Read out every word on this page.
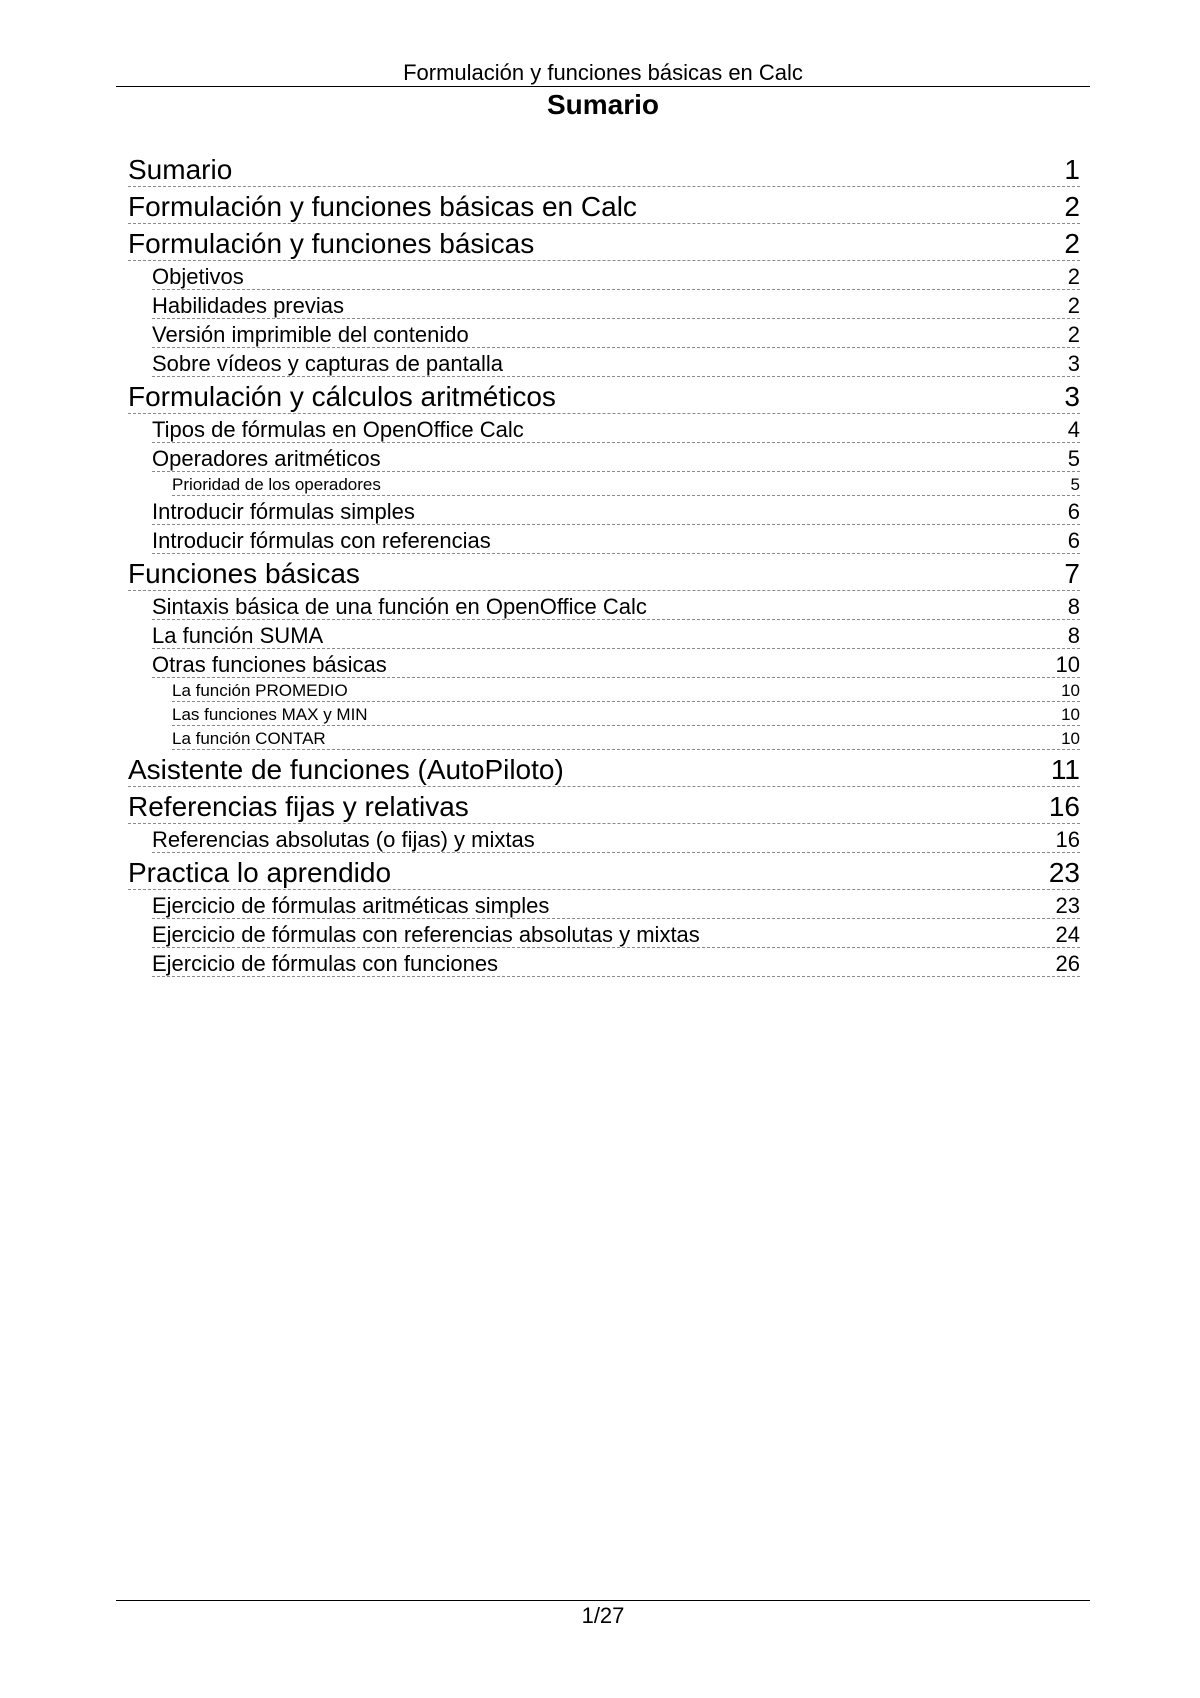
Formulación y funciones básicas en Calc
Sumario
Sumario	1
Formulación y funciones básicas en Calc	2
Formulación y funciones básicas	2
Objetivos	2
Habilidades previas	2
Versión imprimible del contenido	2
Sobre vídeos y capturas de pantalla	3
Formulación y cálculos aritméticos	3
Tipos de fórmulas en OpenOffice Calc	4
Operadores aritméticos	5
Prioridad de los operadores	5
Introducir fórmulas simples	6
Introducir fórmulas con referencias	6
Funciones básicas	7
Sintaxis básica de una función en OpenOffice Calc	8
La función SUMA	8
Otras funciones básicas	10
La función PROMEDIO	10
Las funciones MAX y MIN	10
La función CONTAR	10
Asistente de funciones (AutoPiloto)	11
Referencias fijas y relativas	16
Referencias absolutas (o fijas) y mixtas	16
Practica lo aprendido	23
Ejercicio de fórmulas aritméticas simples	23
Ejercicio de fórmulas con referencias absolutas y mixtas	24
Ejercicio de fórmulas con funciones	26
1/27
